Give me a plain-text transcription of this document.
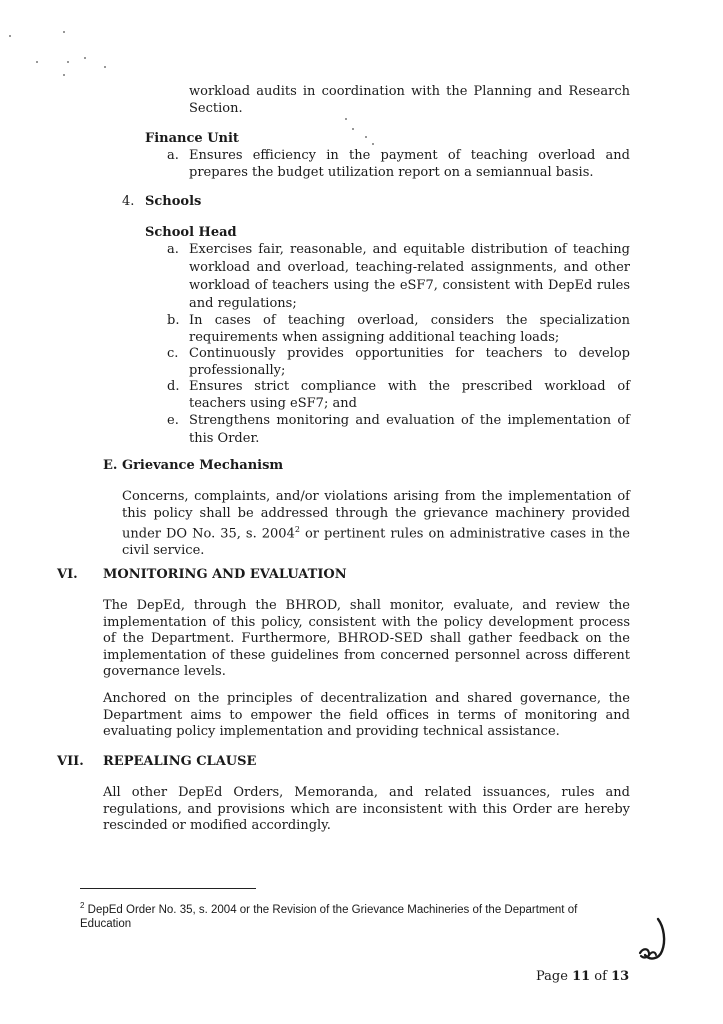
workload audits in coordination with the Planning and Research
Section.
Finance Unit
a. Ensures efficiency in the payment of teaching overload and prepares the budget utilization report on a semiannual basis.
4. Schools
School Head
a. Exercises fair, reasonable, and equitable distribution of teaching workload and overload, teaching-related assignments, and other workload of teachers using the eSF7, consistent with DepEd rules and regulations;
b. In cases of teaching overload, considers the specialization requirements when assigning additional teaching loads;
c. Continuously provides opportunities for teachers to develop professionally;
d. Ensures strict compliance with the prescribed workload of teachers using eSF7; and
e. Strengthens monitoring and evaluation of the implementation of this Order.
E. Grievance Mechanism
Concerns, complaints, and/or violations arising from the implementation of this policy shall be addressed through the grievance machinery provided under DO No. 35, s. 2004$^2$ or pertinent rules on administrative cases in the civil service.
VI. MONITORING AND EVALUATION
The DepEd, through the BHROD, shall monitor, evaluate, and review the implementation of this policy, consistent with the policy development process of the Department. Furthermore, BHROD-SED shall gather feedback on the implementation of these guidelines from concerned personnel across different governance levels.
Anchored on the principles of decentralization and shared governance, the Department aims to empower the field offices in terms of monitoring and evaluating policy implementation and providing technical assistance.
VII. REPEALING CLAUSE
All other DepEd Orders, Memoranda, and related issuances, rules and regulations, and provisions which are inconsistent with this Order are hereby rescinded or modified accordingly.
$^2$ DepEd Order No. 35, s. 2004 or the Revision of the Grievance Machineries of the Department of Education
Page 11 of 13
